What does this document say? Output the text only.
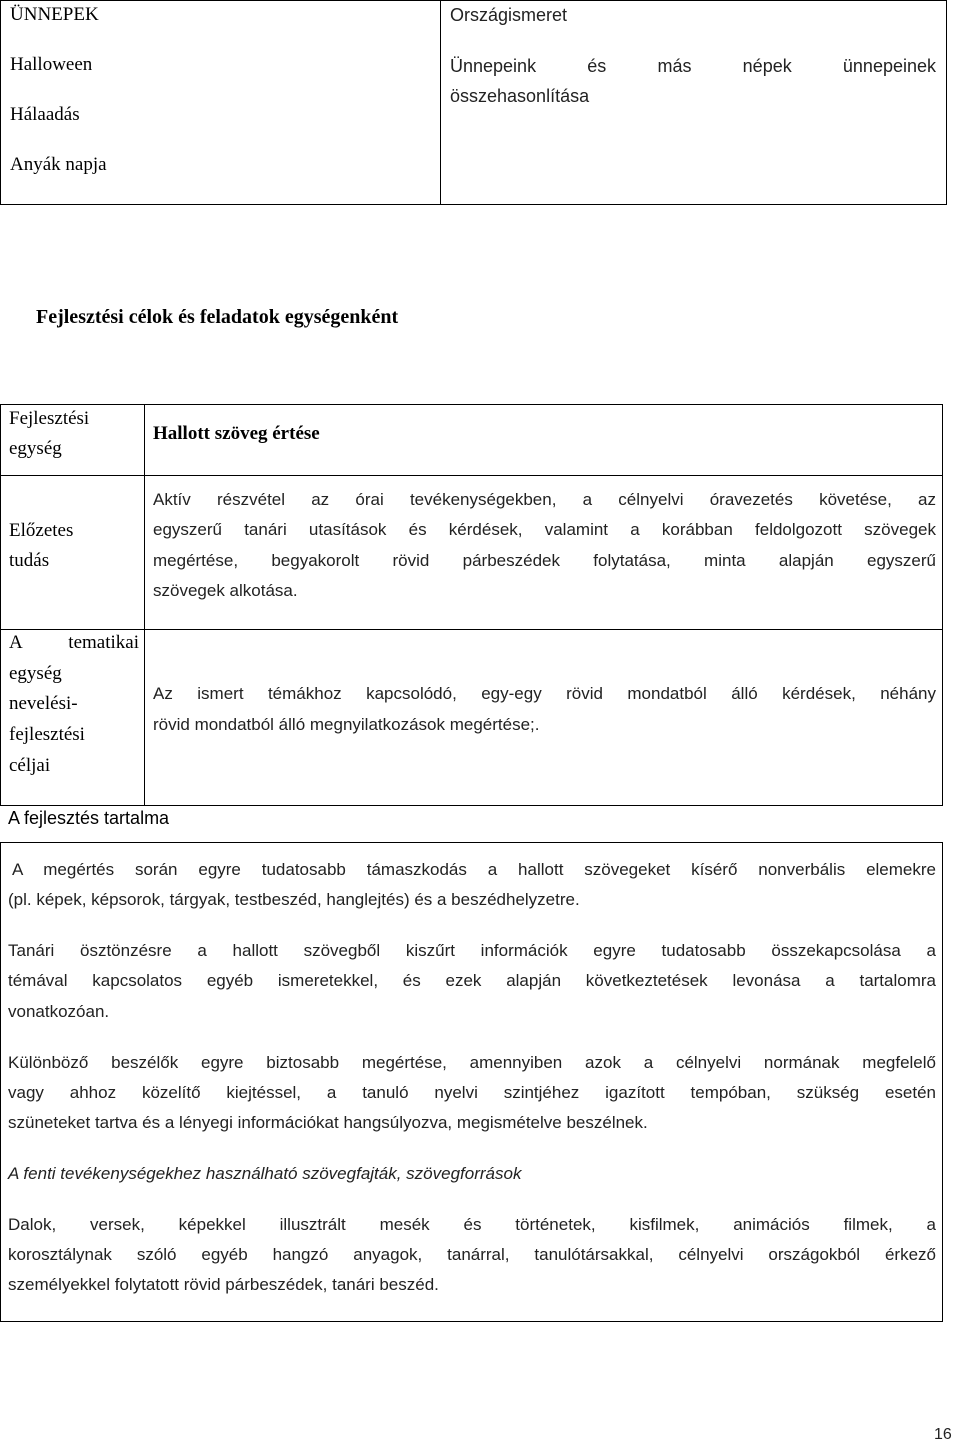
ÜNNEPEK
Halloween
Hálaadás
Anyák napja
Országismeret
Ünnepeink és más népek ünnepeinek
összehasonlítása
Fejlesztési célok és feladatok egységenként
Fejlesztési
egység
Hallott szöveg értése
Előzetes
tudás
Aktív részvétel az órai tevékenységekben, a célnyelvi óravezetés követése, az
egyszerű tanári utasítások és kérdések, valamint a korábban feldolgozott szövegek
megértése, begyakorolt rövid párbeszédek folytatása, minta alapján egyszerű
szövegek alkotása.
A tematikai
egység
nevelési-
fejlesztési
céljai
Az ismert témákhoz kapcsolódó, egy-egy rövid mondatból álló kérdések, néhány
rövid mondatból álló megnyilatkozások megértése;.
A fejlesztés tartalma
A megértés során egyre tudatosabb támaszkodás a hallott szövegeket kísérő nonverbális elemekre
(pl. képek, képsorok, tárgyak, testbeszéd, hanglejtés) és a beszédhelyzetre.
Tanári ösztönzésre a hallott szövegből kiszűrt információk egyre tudatosabb összekapcsolása a
témával kapcsolatos egyéb ismeretekkel, és ezek alapján következtetések levonása a tartalomra
vonatkozóan.
Különböző beszélők egyre biztosabb megértése, amennyiben azok a célnyelvi normának megfelelő
vagy ahhoz közelítő kiejtéssel, a tanuló nyelvi szintjéhez igazított tempóban, szükség esetén
szüneteket tartva és a lényegi információkat hangsúlyozva, megismételve beszélnek.
A fenti tevékenységekhez használható szövegfajták, szövegforrások
Dalok, versek, képekkel illusztrált mesék és történetek, kisfilmek, animációs filmek, a
korosztálynak szóló egyéb hangzó anyagok, tanárral, tanulótársakkal, célnyelvi országokból érkező
személyekkel folytatott rövid párbeszédek, tanári beszéd.
16
